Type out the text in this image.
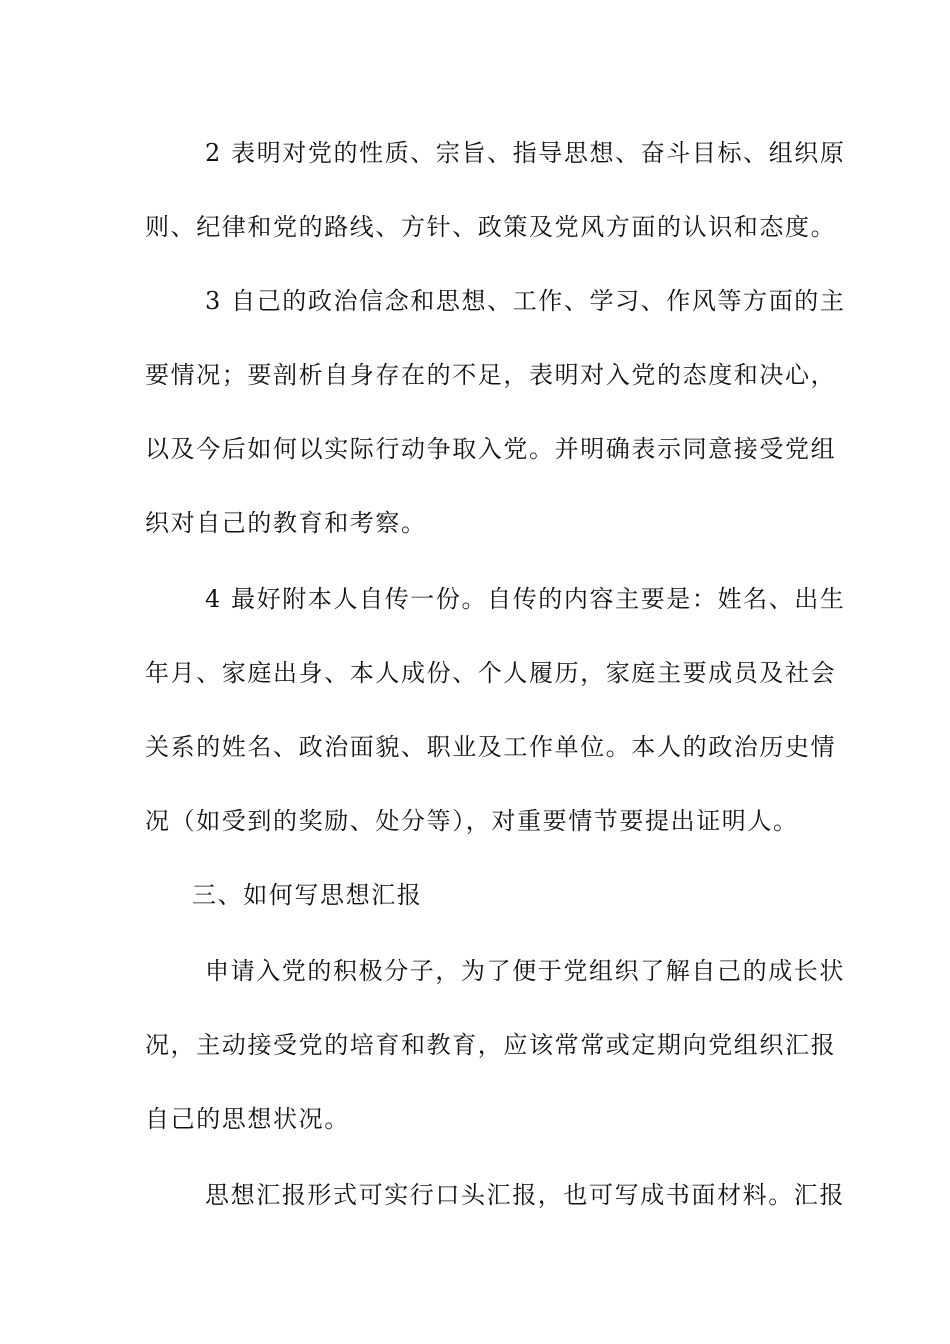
2 表明对党的性质、宗旨、指导思想、奋斗目标、组织原
则、纪律和党的路线、方针、政策及党风方面的认识和态度。
3 自己的政治信念和思想、工作、学习、作风等方面的主
要情况；要剖析自身存在的不足，表明对入党的态度和决心，
以及今后如何以实际行动争取入党。并明确表示同意接受党组
织对自己的教育和考察。
4 最好附本人自传一份。自传的内容主要是：姓名、出生
年月、家庭出身、本人成份、个人履历，家庭主要成员及社会
关系的姓名、政治面貌、职业及工作单位。本人的政治历史情
况（如受到的奖励、处分等），对重要情节要提出证明人。
三、如何写思想汇报
申请入党的积极分子，为了便于党组织了解自己的成长状
况，主动接受党的培育和教育，应该常常或定期向党组织汇报
自己的思想状况。
思想汇报形式可实行口头汇报，也可写成书面材料。汇报
